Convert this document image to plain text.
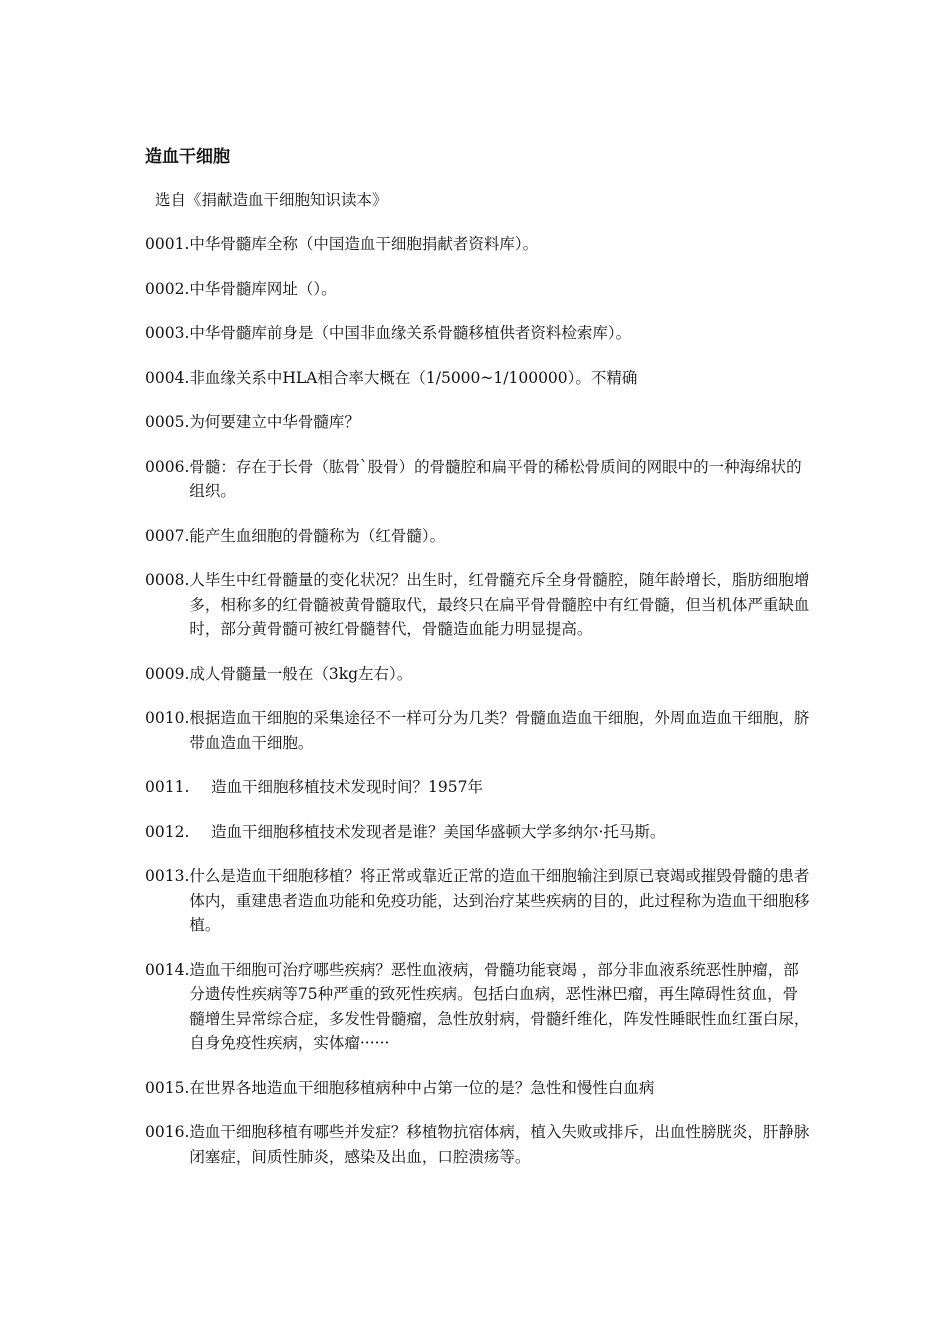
造血干细胞
选自《捐献造血干细胞知识读本》
0001. 中华骨髓库全称（中国造血干细胞捐献者资料库）。
0002. 中华骨髓库网址（）。
0003. 中华骨髓库前身是（中国非血缘关系骨髓移植供者资料检索库）。
0004. 非血缘关系中HLA相合率大概在（1/5000~1/100000）。不精确
0005. 为何要建立中华骨髓库？
0006. 骨髓：存在于长骨（肱骨`股骨）的骨髓腔和扁平骨的稀松骨质间的网眼中的一种海绵状的组织。
0007. 能产生血细胞的骨髓称为（红骨髓）。
0008. 人毕生中红骨髓量的变化状况？出生时，红骨髓充斥全身骨髓腔，随年龄增长，脂肪细胞增多，相称多的红骨髓被黄骨髓取代，最终只在扁平骨骨髓腔中有红骨髓，但当机体严重缺血时，部分黄骨髓可被红骨髓替代，骨髓造血能力明显提高。
0009. 成人骨髓量一般在（3kg左右）。
0010. 根据造血干细胞的采集途径不一样可分为几类？骨髓血造血干细胞，外周血造血干细胞，脐带血造血干细胞。
0011.	造血干细胞移植技术发现时间？1957年
0012.	造血干细胞移植技术发现者是谁？美国华盛顿大学多纳尔·托马斯。
0013. 什么是造血干细胞移植？将正常或靠近正常的造血干细胞输注到原已衰竭或摧毁骨髓的患者体内，重建患者造血功能和免疫功能，达到治疗某些疾病的目的，此过程称为造血干细胞移植。
0014. 造血干细胞可治疗哪些疾病？恶性血液病，骨髓功能衰竭 ，部分非血液系统恶性肿瘤，部分遗传性疾病等75种严重的致死性疾病。包括白血病，恶性淋巴瘤，再生障碍性贫血，骨髓增生异常综合症，多发性骨髓瘤，急性放射病，骨髓纤维化，阵发性睡眠性血红蛋白尿，自身免疫性疾病，实体瘤······
0015. 在世界各地造血干细胞移植病种中占第一位的是？急性和慢性白血病
0016. 造血干细胞移植有哪些并发症？移植物抗宿体病，植入失败或排斥，出血性膀胱炎，肝静脉闭塞症，间质性肺炎，感染及出血，口腔溃疡等。
